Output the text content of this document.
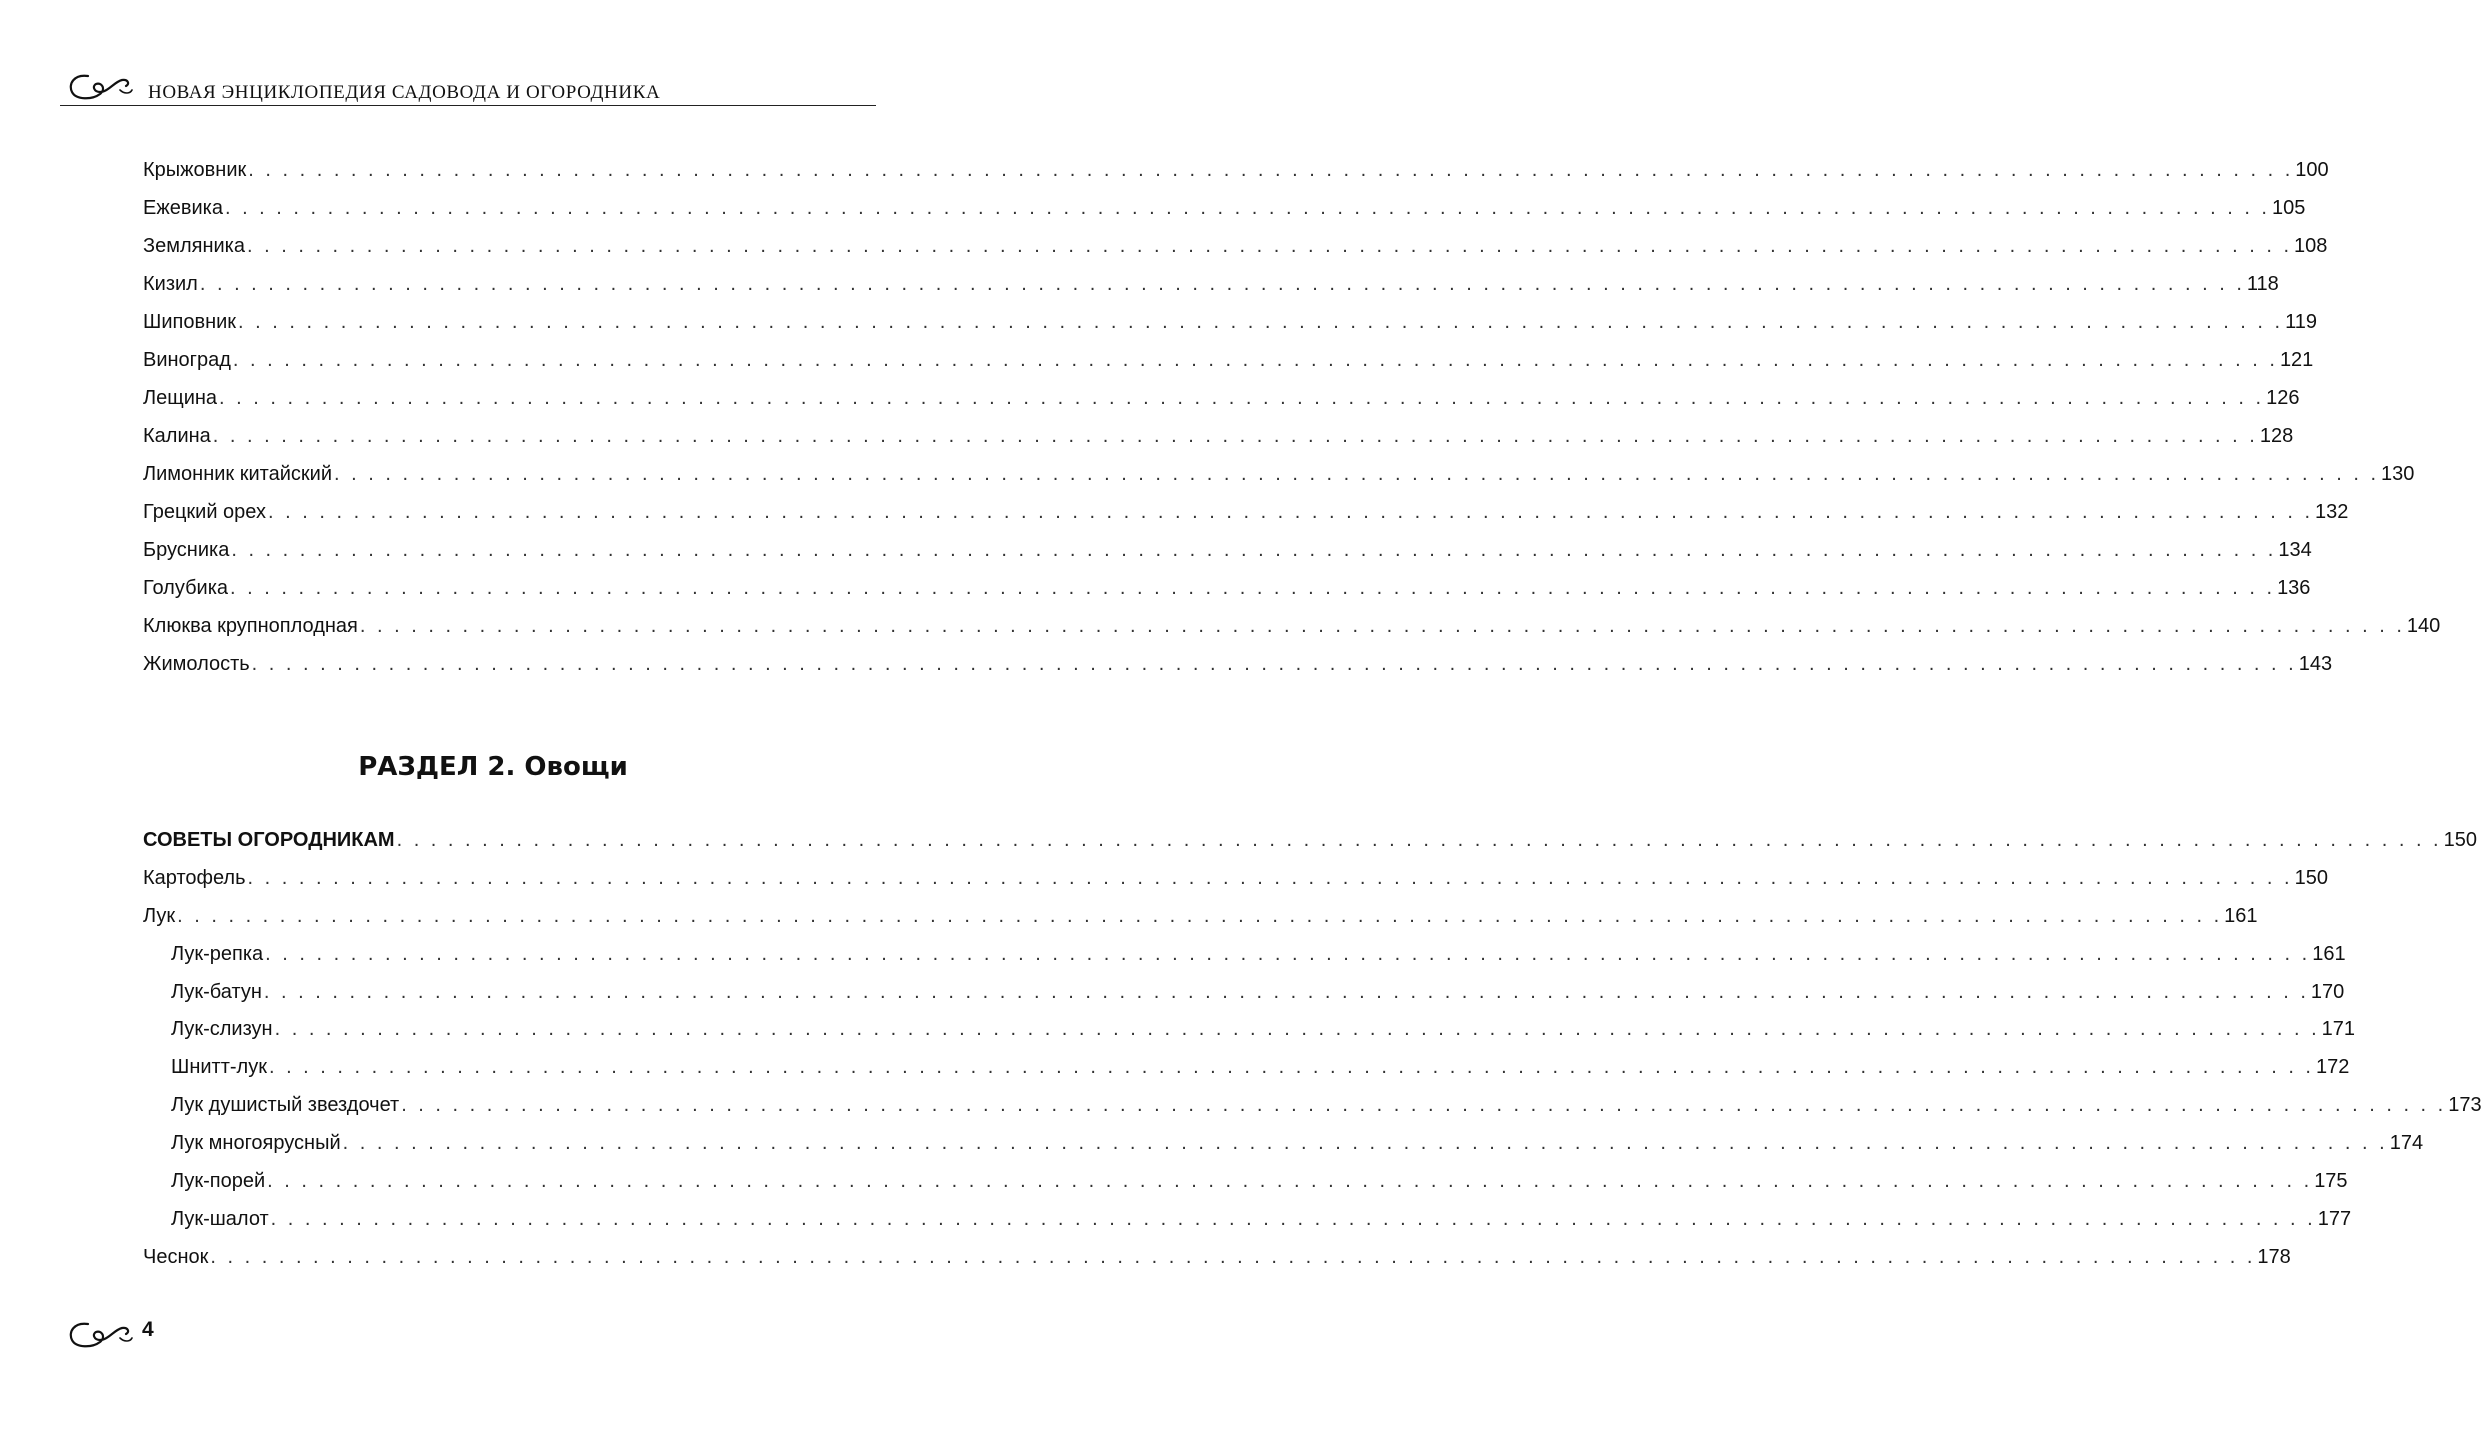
НОВАЯ ЭНЦИКЛОПЕДИЯ САДОВОДА И ОГОРОДНИКА
Крыжовник . . . . . . . . . . . . . . . . . . . . . . . . . . . . . . . . . . . . . . . . . . . . . . . . . . . . . . . . . . . . . . . . . . . . . . . . . . . . . . . . . . . . . . . . . . . . . . . . . . . . . . . . . . . . . . . . . . . . . . . . 100
Ежевика . . . . . . . . . . . . . . . . . . . . . . . . . . . . . . . . . . . . . . . . . . . . . . . . . . . . . . . . . . . . . . . . . . . . . . . . . . . . . . . . . . . . . . . . . . . . . . . . . . . . . . . . . . . . . . . . . . . . . . . . 105
Земляника . . . . . . . . . . . . . . . . . . . . . . . . . . . . . . . . . . . . . . . . . . . . . . . . . . . . . . . . . . . . . . . . . . . . . . . . . . . . . . . . . . . . . . . . . . . . . . . . . . . . . . . . . . . . . . . . . . . . . . . . 108
Кизил . . . . . . . . . . . . . . . . . . . . . . . . . . . . . . . . . . . . . . . . . . . . . . . . . . . . . . . . . . . . . . . . . . . . . . . . . . . . . . . . . . . . . . . . . . . . . . . . . . . . . . . . . . . . . . . . . . . . . . . . 118
Шиповник . . . . . . . . . . . . . . . . . . . . . . . . . . . . . . . . . . . . . . . . . . . . . . . . . . . . . . . . . . . . . . . . . . . . . . . . . . . . . . . . . . . . . . . . . . . . . . . . . . . . . . . . . . . . . . . . . . . . . . . . 119
Виноград . . . . . . . . . . . . . . . . . . . . . . . . . . . . . . . . . . . . . . . . . . . . . . . . . . . . . . . . . . . . . . . . . . . . . . . . . . . . . . . . . . . . . . . . . . . . . . . . . . . . . . . . . . . . . . . . . . . . . . . . 121
Лещина . . . . . . . . . . . . . . . . . . . . . . . . . . . . . . . . . . . . . . . . . . . . . . . . . . . . . . . . . . . . . . . . . . . . . . . . . . . . . . . . . . . . . . . . . . . . . . . . . . . . . . . . . . . . . . . . . . . . . . . . 126
Калина . . . . . . . . . . . . . . . . . . . . . . . . . . . . . . . . . . . . . . . . . . . . . . . . . . . . . . . . . . . . . . . . . . . . . . . . . . . . . . . . . . . . . . . . . . . . . . . . . . . . . . . . . . . . . . . . . . . . . . . . 128
Лимонник китайский . . . . . . . . . . . . . . . . . . . . . . . . . . . . . . . . . . . . . . . . . . . . . . . . . . . . . . . . . . . . . . . . . . . . . . . . . . . . . . . . . . . . . . . . . . . . . . . . . . . . . . . . . . . . . . . . . . . . . . . . 130
Грецкий орех . . . . . . . . . . . . . . . . . . . . . . . . . . . . . . . . . . . . . . . . . . . . . . . . . . . . . . . . . . . . . . . . . . . . . . . . . . . . . . . . . . . . . . . . . . . . . . . . . . . . . . . . . . . . . . . . . . . . . . . . 132
Брусника . . . . . . . . . . . . . . . . . . . . . . . . . . . . . . . . . . . . . . . . . . . . . . . . . . . . . . . . . . . . . . . . . . . . . . . . . . . . . . . . . . . . . . . . . . . . . . . . . . . . . . . . . . . . . . . . . . . . . . . . 134
Голубика . . . . . . . . . . . . . . . . . . . . . . . . . . . . . . . . . . . . . . . . . . . . . . . . . . . . . . . . . . . . . . . . . . . . . . . . . . . . . . . . . . . . . . . . . . . . . . . . . . . . . . . . . . . . . . . . . . . . . . . . 136
Клюква крупноплодная . . . . . . . . . . . . . . . . . . . . . . . . . . . . . . . . . . . . . . . . . . . . . . . . . . . . . . . . . . . . . . . . . . . . . . . . . . . . . . . . . . . . . . . . . . . . . . . . . . . . . . . . . . . . . . . . . . . . . . . . 140
Жимолость . . . . . . . . . . . . . . . . . . . . . . . . . . . . . . . . . . . . . . . . . . . . . . . . . . . . . . . . . . . . . . . . . . . . . . . . . . . . . . . . . . . . . . . . . . . . . . . . . . . . . . . . . . . . . . . . . . . . . . . . 143
РАЗДЕЛ 2. Овощи
СОВЕТЫ ОГОРОДНИКАМ . . . . . . . . . . . . . . . . . . . . . . . . . . . . . . . . . . . . . . . . . . . . . . . . . . . . . . . . . . . . . . . . . . . . . . . . . . . . . . . . . . . . . . . . . . . . . . . . . . . . . . . . . . . . . . . . . . . . . . . . 150
Картофель . . . . . . . . . . . . . . . . . . . . . . . . . . . . . . . . . . . . . . . . . . . . . . . . . . . . . . . . . . . . . . . . . . . . . . . . . . . . . . . . . . . . . . . . . . . . . . . . . . . . . . . . . . . . . . . . . . . . . . . . 150
Лук . . . . . . . . . . . . . . . . . . . . . . . . . . . . . . . . . . . . . . . . . . . . . . . . . . . . . . . . . . . . . . . . . . . . . . . . . . . . . . . . . . . . . . . . . . . . . . . . . . . . . . . . . . . . . . . . . . . . . . . . 161
Лук-репка . . . . . . . . . . . . . . . . . . . . . . . . . . . . . . . . . . . . . . . . . . . . . . . . . . . . . . . . . . . . . . . . . . . . . . . . . . . . . . . . . . . . . . . . . . . . . . . . . . . . . . . . . . . . . . . . . . . . . . . . 161
Лук-батун . . . . . . . . . . . . . . . . . . . . . . . . . . . . . . . . . . . . . . . . . . . . . . . . . . . . . . . . . . . . . . . . . . . . . . . . . . . . . . . . . . . . . . . . . . . . . . . . . . . . . . . . . . . . . . . . . . . . . . . . 170
Лук-слизун . . . . . . . . . . . . . . . . . . . . . . . . . . . . . . . . . . . . . . . . . . . . . . . . . . . . . . . . . . . . . . . . . . . . . . . . . . . . . . . . . . . . . . . . . . . . . . . . . . . . . . . . . . . . . . . . . . . . . . . . 171
Шнитт-лук . . . . . . . . . . . . . . . . . . . . . . . . . . . . . . . . . . . . . . . . . . . . . . . . . . . . . . . . . . . . . . . . . . . . . . . . . . . . . . . . . . . . . . . . . . . . . . . . . . . . . . . . . . . . . . . . . . . . . . . . 172
Лук душистый звездочет . . . . . . . . . . . . . . . . . . . . . . . . . . . . . . . . . . . . . . . . . . . . . . . . . . . . . . . . . . . . . . . . . . . . . . . . . . . . . . . . . . . . . . . . . . . . . . . . . . . . . . . . . . . . . . . . . . . . . . . . 173
Лук многоярусный . . . . . . . . . . . . . . . . . . . . . . . . . . . . . . . . . . . . . . . . . . . . . . . . . . . . . . . . . . . . . . . . . . . . . . . . . . . . . . . . . . . . . . . . . . . . . . . . . . . . . . . . . . . . . . . . . . . . . . . . 174
Лук-порей . . . . . . . . . . . . . . . . . . . . . . . . . . . . . . . . . . . . . . . . . . . . . . . . . . . . . . . . . . . . . . . . . . . . . . . . . . . . . . . . . . . . . . . . . . . . . . . . . . . . . . . . . . . . . . . . . . . . . . . . 175
Лук-шалот . . . . . . . . . . . . . . . . . . . . . . . . . . . . . . . . . . . . . . . . . . . . . . . . . . . . . . . . . . . . . . . . . . . . . . . . . . . . . . . . . . . . . . . . . . . . . . . . . . . . . . . . . . . . . . . . . . . . . . . . 177
Чеснок . . . . . . . . . . . . . . . . . . . . . . . . . . . . . . . . . . . . . . . . . . . . . . . . . . . . . . . . . . . . . . . . . . . . . . . . . . . . . . . . . . . . . . . . . . . . . . . . . . . . . . . . . . . . . . . . . . . . . . . . 178
4
